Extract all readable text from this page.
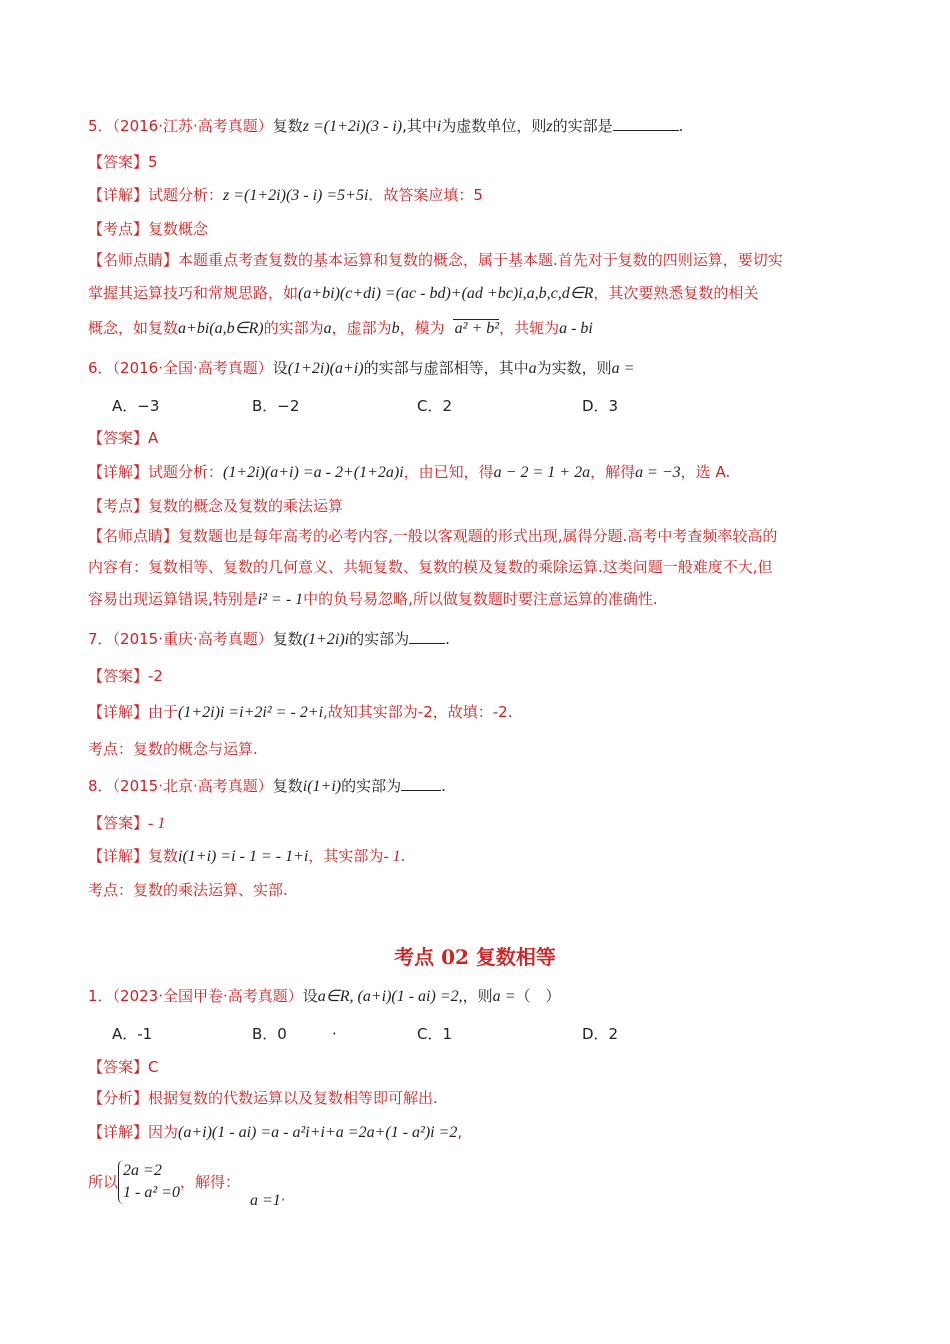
5．（2016·江苏·高考真题）复数z =(1+2i)(3 - i),其中i为虚数单位，则z的实部是	.
【答案】5
【详解】试题分析：z =(1+2i)(3 - i) =5+5i．故答案应填：5
【考点】复数概念
【名师点睛】本题重点考查复数的基本运算和复数的概念，属于基本题.首先对于复数的四则运算，要切实
掌握其运算技巧和常规思路，如(a+bi)(c+di) =(ac - bd)+(ad +bc)i,a,b,c,d∈R，其次要熟悉复数的相关
概念，如复数a+bi(a,b∈R)的实部为a，虚部为b，模为 a² + b²，共轭为a - bi
6．（2016·全国·高考真题）设(1+2i)(a+i)的实部与虚部相等，其中a为实数，则a =
A．−3	B．−2	C．2	D．3
【答案】A
【详解】试题分析：(1+2i)(a+i) =a - 2+(1+2a)i，由已知，得a − 2 = 1 + 2a，解得a = −3，选 A.
【考点】复数的概念及复数的乘法运算
【名师点睛】复数题也是每年高考的必考内容,一般以客观题的形式出现,属得分题.高考中考查频率较高的
内容有：复数相等、复数的几何意义、共轭复数、复数的模及复数的乘除运算.这类问题一般难度不大,但
容易出现运算错误,特别是i² = - 1中的负号易忽略,所以做复数题时要注意运算的准确性.
7．（2015·重庆·高考真题）复数(1+2i)i的实部为 .
【答案】-2
【详解】由于(1+2i)i =i+2i² = - 2+i,故知其实部为-2，故填：-2.
考点：复数的概念与运算.
8．（2015·北京·高考真题）复数i(1+i)的实部为	.
【答案】- 1
【详解】复数i(1+i) =i - 1 = - 1+i，其实部为- 1.
考点：复数的乘法运算、实部.
考点 02 复数相等
1．（2023·全国甲卷·高考真题）设a∈R, (a+i)(1 - ai) =2,，则a =（　）
A．-1	B．0	·	C．1	D．2
【答案】C
【分析】根据复数的代数运算以及复数相等即可解出.
【详解】因为(a+i)(1 - ai) =a - a²i+i+a =2a+(1 - a²)i =2,
所以
2a =2
1 - a² =0
，解得：a =1.
